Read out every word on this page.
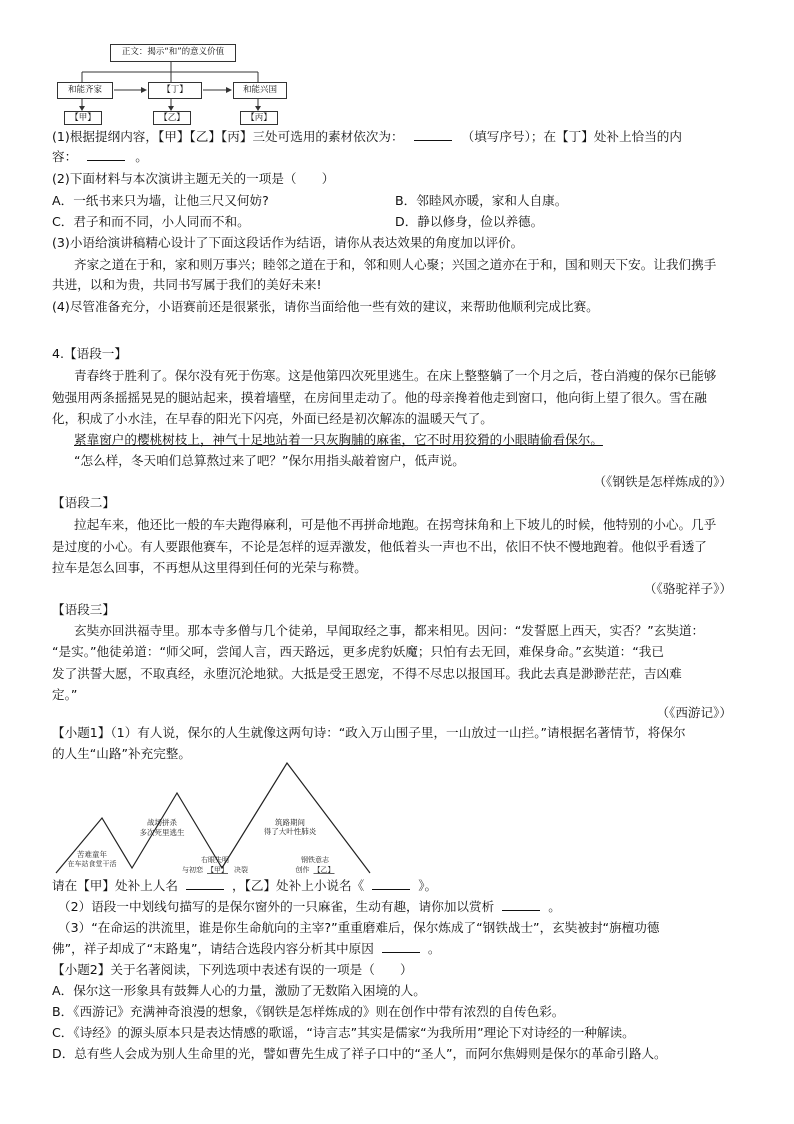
正文：揭示“和”的意义价值
和能齐家	【丁】	和能兴国
【甲】	【乙】	【丙】
(1)根据提纲内容，【甲】【乙】【丙】三处可选用的素材依次为：	（填写序号）；在【丁】处补上恰当的内
容：	。
(2)下面材料与本次演讲主题无关的一项是（　　）
A．一纸书来只为墙，让他三尺又何妨?	B．邻睦风亦暖，家和人自康。
C．君子和而不同，小人同而不和。	D．静以修身，俭以养德。
(3)小语给演讲稿精心设计了下面这段话作为结语，请你从表达效果的角度加以评价。
齐家之道在于和，家和则万事兴；睦邻之道在于和，邻和则人心聚；兴国之道亦在于和，国和则天下安。让我们携手
共进，以和为贵，共同书写属于我们的美好未来!
(4)尽管准备充分，小语赛前还是很紧张，请你当面给他一些有效的建议，来帮助他顺利完成比赛。
4.【语段一】
青春终于胜利了。保尔没有死于伤寒。这是他第四次死里逃生。在床上整整躺了一个月之后，苍白消瘦的保尔已能够
勉强用两条摇摇晃晃的腿站起来，摸着墙壁，在房间里走动了。他的母亲搀着他走到窗口，他向街上望了很久。雪在融
化，积成了小水洼，在早春的阳光下闪亮，外面已经是初次解冻的温暖天气了。
紧靠窗户的樱桃树枝上，神气十足地站着一只灰胸脯的麻雀，它不时用狡猾的小眼睛偷看保尔。
“怎么样，冬天咱们总算熬过来了吧？”保尔用指头敲着窗户，低声说。
（《钢铁是怎样炼成的》）
【语段二】
拉起车来，他还比一般的车夫跑得麻利，可是他不再拼命地跑。在拐弯抹角和上下坡儿的时候，他特别的小心。几乎
是过度的小心。有人要跟他赛车，不论是怎样的逗弄激发，他低着头一声也不出，依旧不快不慢地跑着。他似乎看透了
拉车是怎么回事，不再想从这里得到任何的光荣与称赞。
（《骆驼祥子》）
【语段三】
玄奘亦回洪福寺里。那本寺多僧与几个徒弟，早闻取经之事，都来相见。因问：“发誓愿上西天，实否？”玄奘道：
“是实。”他徒弟道：“师父呵，尝闻人言，西天路远，更多虎豹妖魔；只怕有去无回，难保身命。”玄奘道：“我已
发了洪誓大愿，不取真经，永堕沉沦地狱。大抵是受王恩宠，不得不尽忠以报国耳。我此去真是渺渺茫茫，吉凶难
定。”
（《西游记》）
【小题1】（1）有人说，保尔的人生就像这两句诗：“政入万山围子里，一山放过一山拦。”请根据名著情节，将保尔
的人生“山路”补充完整。
苦难童年
在车站食堂干活
战场拼杀
多次死里逃生
右眼失明
与初恋 【甲】 决裂
筑路期间
得了大叶性肺炎
钢铁意志
创作 【乙】
请在【甲】处补上人名	，【乙】处补上小说名《	》。
（2）语段一中划线句描写的是保尔窗外的一只麻雀，生动有趣，请你加以赏析	。
（3）“在命运的洪流里，谁是你生命航向的主宰?”重重磨难后，保尔炼成了“钢铁战士”，玄奘被封“旃檀功德
佛”，祥子却成了“末路鬼”，请结合选段内容分析其中原因	。
【小题2】关于名著阅读，下列选项中表述有误的一项是（　　）
A．保尔这一形象具有鼓舞人心的力量，激励了无数陷入困境的人。
B．《西游记》充满神奇浪漫的想象，《钢铁是怎样炼成的》则在创作中带有浓烈的自传色彩。
C．《诗经》的源头原本只是表达情感的歌谣，“诗言志”其实是儒家“为我所用”理论下对诗经的一种解读。
D．总有些人会成为别人生命里的光，譬如曹先生成了祥子口中的“圣人”，而阿尔焦姆则是保尔的革命引路人。
